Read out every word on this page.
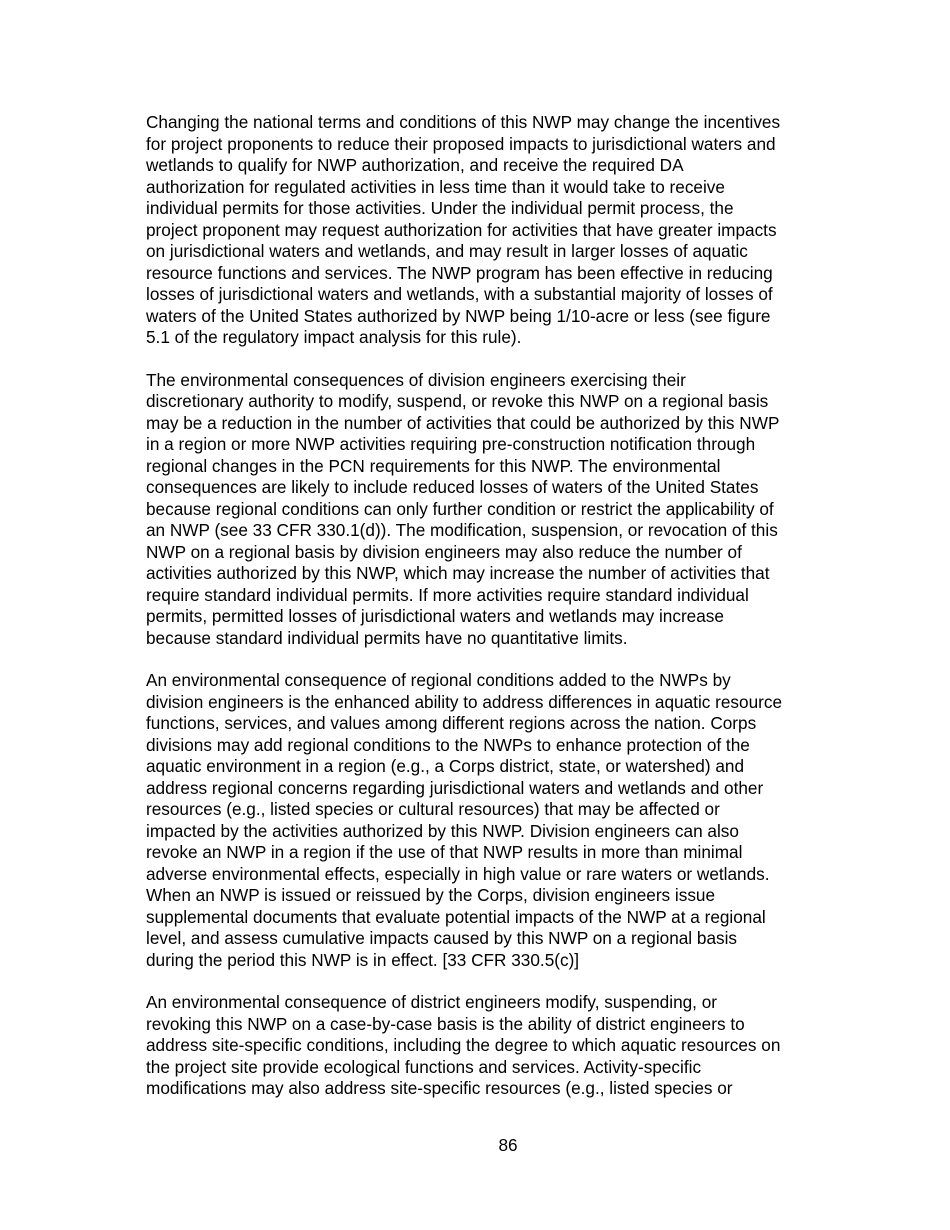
Changing the national terms and conditions of this NWP may change the incentives
for project proponents to reduce their proposed impacts to jurisdictional waters and
wetlands to qualify for NWP authorization, and receive the required DA
authorization for regulated activities in less time than it would take to receive
individual permits for those activities. Under the individual permit process, the
project proponent may request authorization for activities that have greater impacts
on jurisdictional waters and wetlands, and may result in larger losses of aquatic
resource functions and services. The NWP program has been effective in reducing
losses of jurisdictional waters and wetlands, with a substantial majority of losses of
waters of the United States authorized by NWP being 1/10-acre or less (see figure
5.1 of the regulatory impact analysis for this rule).

The environmental consequences of division engineers exercising their
discretionary authority to modify, suspend, or revoke this NWP on a regional basis
may be a reduction in the number of activities that could be authorized by this NWP
in a region or more NWP activities requiring pre-construction notification through
regional changes in the PCN requirements for this NWP. The environmental
consequences are likely to include reduced losses of waters of the United States
because regional conditions can only further condition or restrict the applicability of
an NWP (see 33 CFR 330.1(d)). The modification, suspension, or revocation of this
NWP on a regional basis by division engineers may also reduce the number of
activities authorized by this NWP, which may increase the number of activities that
require standard individual permits. If more activities require standard individual
permits, permitted losses of jurisdictional waters and wetlands may increase
because standard individual permits have no quantitative limits.

An environmental consequence of regional conditions added to the NWPs by
division engineers is the enhanced ability to address differences in aquatic resource
functions, services, and values among different regions across the nation. Corps
divisions may add regional conditions to the NWPs to enhance protection of the
aquatic environment in a region (e.g., a Corps district, state, or watershed) and
address regional concerns regarding jurisdictional waters and wetlands and other
resources (e.g., listed species or cultural resources) that may be affected or
impacted by the activities authorized by this NWP. Division engineers can also
revoke an NWP in a region if the use of that NWP results in more than minimal
adverse environmental effects, especially in high value or rare waters or wetlands.
When an NWP is issued or reissued by the Corps, division engineers issue
supplemental documents that evaluate potential impacts of the NWP at a regional
level, and assess cumulative impacts caused by this NWP on a regional basis
during the period this NWP is in effect. [33 CFR 330.5(c)]

An environmental consequence of district engineers modify, suspending, or
revoking this NWP on a case-by-case basis is the ability of district engineers to
address site-specific conditions, including the degree to which aquatic resources on
the project site provide ecological functions and services. Activity-specific
modifications may also address site-specific resources (e.g., listed species or

86
